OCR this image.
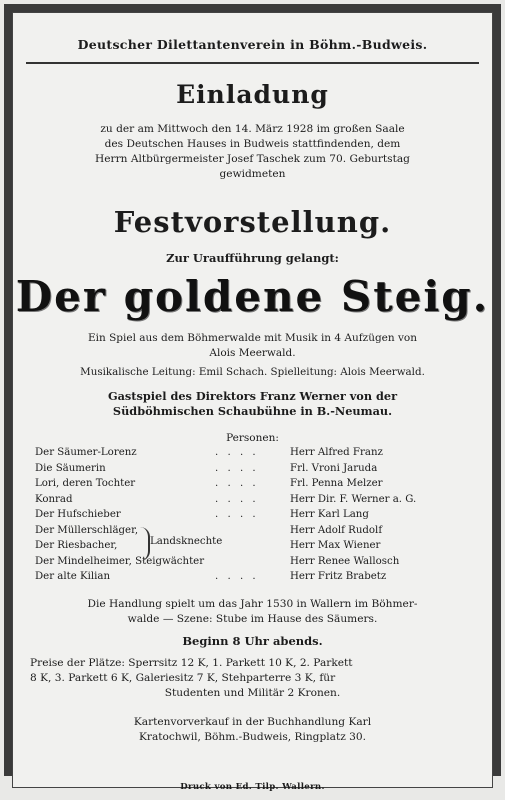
Deutscher Dilettantenverein in Böhm.-Budweis.
Einladung
zu der am Mittwoch den 14. März 1928 im großen Saale
des Deutschen Hauses in Budweis stattfindenden, dem
Herrn Altbürgermeister Josef Taschek zum 70. Geburtstag
gewidmeten
Festvorstellung.
Zur Uraufführung gelangt:
Der goldene Steig.
Ein Spiel aus dem Böhmerwalde mit Musik in 4 Aufzügen von
Alois Meerwald.
Musikalische Leitung: Emil Schach. Spielleitung: Alois Meerwald.
Gastspiel des Direktors Franz Werner von der
Südböhmischen Schaubühne in B.-Neumau.
Personen:
Der Säumer-Lorenz	. . . .	Herr Alfred Franz
Die Säumerin	. . . .	Frl. Vroni Jaruda
Lori, deren Tochter	. . . .	Frl. Penna Melzer
Konrad	. . . .	Herr Dir. F. Werner a. G.
Der Hufschieber	. . . .	Herr Karl Lang
Der Müllerschläger,	Herr Adolf Rudolf
Der Riesbacher,	Herr Max Wiener
Der Mindelheimer, Steigwächter	Herr Renee Wallosch
Der alte Kilian	. . . .	Herr Fritz Brabetz
Landsknechte
Die Handlung spielt um das Jahr 1530 in Wallern im Böhmer-
walde — Szene: Stube im Hause des Säumers.
Beginn 8 Uhr abends.
Preise der Plätze: Sperrsitz 12 K, 1. Parkett 10 K, 2. Parkett
8 K, 3. Parkett 6 K, Galeriesitz 7 K, Stehparterre 3 K, für
Studenten und Militär 2 Kronen.
Kartenvorverkauf in der Buchhandlung Karl
Kratochwil, Böhm.-Budweis, Ringplatz 30.
Druck von Ed. Tilp. Wallern.
